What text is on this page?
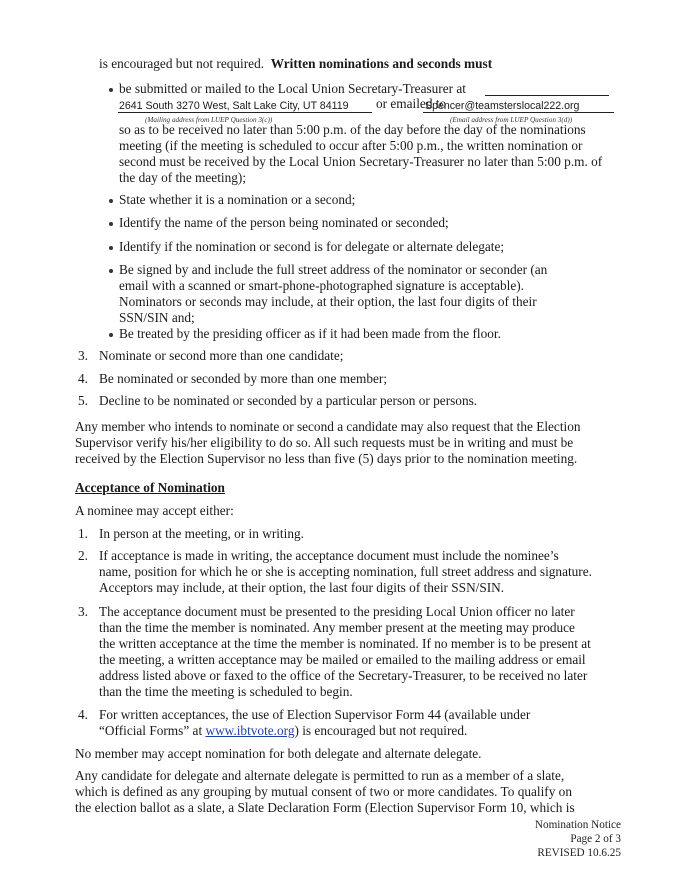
is encouraged but not required. Written nominations and seconds must
be submitted or mailed to the Local Union Secretary-Treasurer at
2641 South 3270 West, Salt Lake City, UT 84119 or emailed to
Spencer@teamsterslocal222.org
(Mailing address from LUEP Question 3(c))	(Email address from LUEP Question 3(d))
so as to be received no later than 5:00 p.m. of the day before the day of the nominations
meeting (if the meeting is scheduled to occur after 5:00 p.m., the written nomination or
second must be received by the Local Union Secretary-Treasurer no later than 5:00 p.m. of
the day of the meeting);
State whether it is a nomination or a second;
Identify the name of the person being nominated or seconded;
Identify if the nomination or second is for delegate or alternate delegate;
Be signed by and include the full street address of the nominator or seconder (an
email with a scanned or smart-phone-photographed signature is acceptable).
Nominators or seconds may include, at their option, the last four digits of their
SSN/SIN and;
Be treated by the presiding officer as if it had been made from the floor.
3. Nominate or second more than one candidate;
4. Be nominated or seconded by more than one member;
5. Decline to be nominated or seconded by a particular person or persons.
Any member who intends to nominate or second a candidate may also request that the Election
Supervisor verify his/her eligibility to do so. All such requests must be in writing and must be
received by the Election Supervisor no less than five (5) days prior to the nomination meeting.
Acceptance of Nomination
A nominee may accept either:
1. In person at the meeting, or in writing.
2. If acceptance is made in writing, the acceptance document must include the nominee’s
name, position for which he or she is accepting nomination, full street address and signature.
Acceptors may include, at their option, the last four digits of their SSN/SIN.
3. The acceptance document must be presented to the presiding Local Union officer no later
than the time the member is nominated. Any member present at the meeting may produce
the written acceptance at the time the member is nominated. If no member is to be present at
the meeting, a written acceptance may be mailed or emailed to the mailing address or email
address listed above or faxed to the office of the Secretary-Treasurer, to be received no later
than the time the meeting is scheduled to begin.
4. For written acceptances, the use of Election Supervisor Form 44 (available under
“Official Forms” at www.ibtvote.org) is encouraged but not required.
No member may accept nomination for both delegate and alternate delegate.
Any candidate for delegate and alternate delegate is permitted to run as a member of a slate,
which is defined as any grouping by mutual consent of two or more candidates. To qualify on
the election ballot as a slate, a Slate Declaration Form (Election Supervisor Form 10, which is
Nomination Notice
Page 2 of 3
REVISED 10.6.25
